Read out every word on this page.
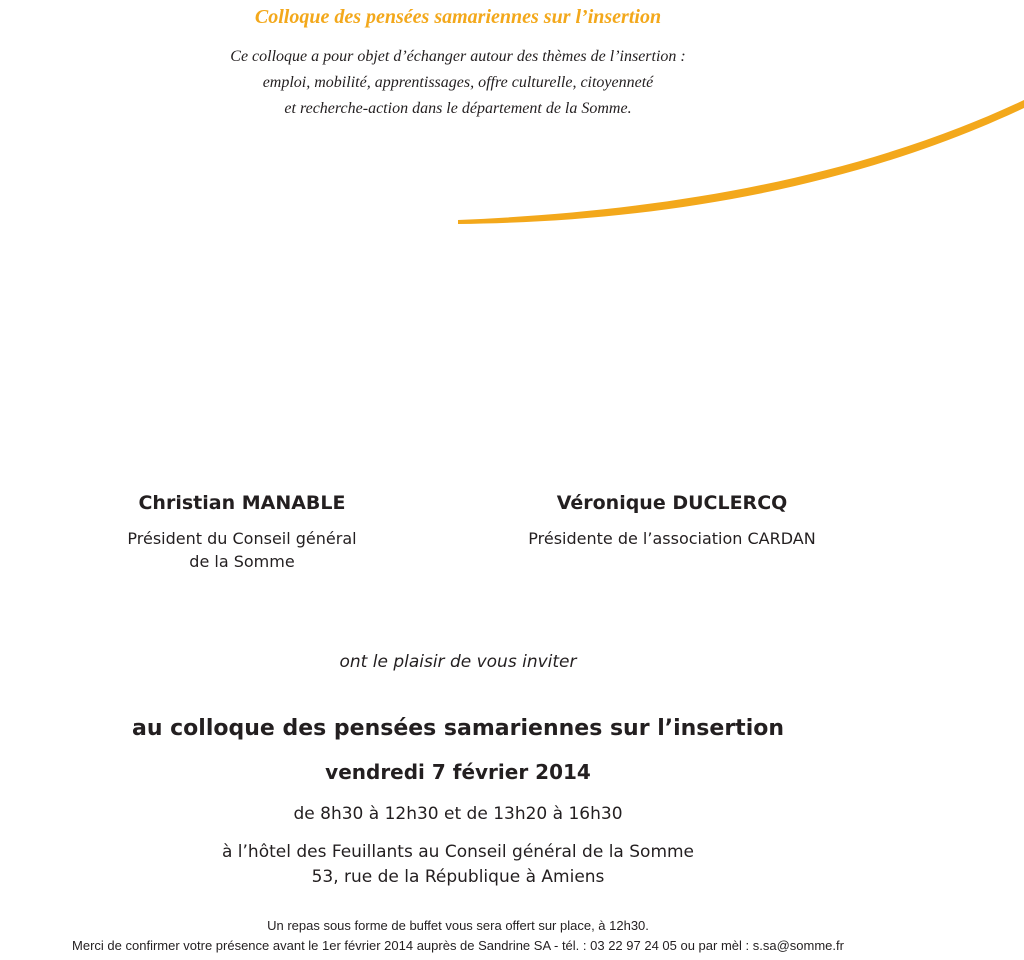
Colloque des pensées samariennes sur l’insertion
Ce colloque a pour objet d’échanger autour des thèmes de l’insertion :
emploi, mobilité, apprentissages, offre culturelle, citoyenneté
et recherche-action dans le département de la Somme.
Christian MANABLE
Président du Conseil général
de la Somme
Véronique DUCLERCQ
Présidente de l’association CARDAN
ont le plaisir de vous inviter
au colloque des pensées samariennes sur l’insertion
vendredi 7 février 2014
de 8h30 à 12h30 et de 13h20 à 16h30
à l’hôtel des Feuillants au Conseil général de la Somme
53, rue de la République à Amiens
Un repas sous forme de buffet vous sera offert sur place, à 12h30.
Merci de confirmer votre présence avant le 1er février 2014 auprès de Sandrine SA - tél. : 03 22 97 24 05 ou par mèl : s.sa@somme.fr
